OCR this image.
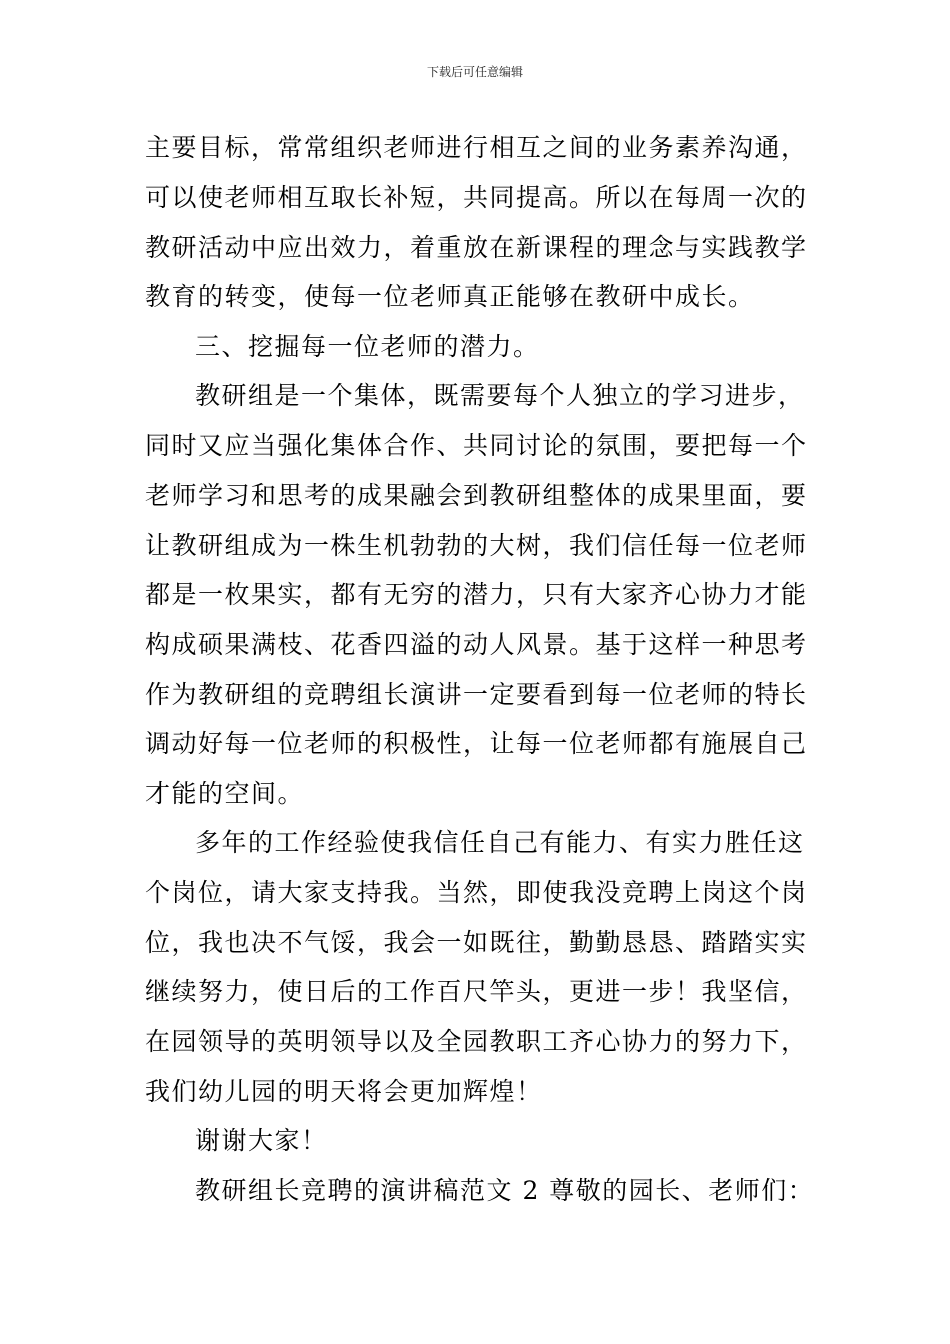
下载后可任意编辑
主要目标，常常组织老师进行相互之间的业务素养沟通，
可以使老师相互取长补短，共同提高。所以在每周一次的
教研活动中应出效力，着重放在新课程的理念与实践教学
教育的转变，使每一位老师真正能够在教研中成长。
三、挖掘每一位老师的潜力。
教研组是一个集体，既需要每个人独立的学习进步，
同时又应当强化集体合作、共同讨论的氛围，要把每一个
老师学习和思考的成果融会到教研组整体的成果里面，要
让教研组成为一株生机勃勃的大树，我们信任每一位老师
都是一枚果实，都有无穷的潜力，只有大家齐心协力才能
构成硕果满枝、花香四溢的动人风景。基于这样一种思考
作为教研组的竞聘组长演讲一定要看到每一位老师的特长
调动好每一位老师的积极性，让每一位老师都有施展自己
才能的空间。
多年的工作经验使我信任自己有能力、有实力胜任这
个岗位，请大家支持我。当然，即使我没竞聘上岗这个岗
位，我也决不气馁，我会一如既往，勤勤恳恳、踏踏实实
继续努力，使日后的工作百尺竿头，更进一步！我坚信，
在园领导的英明领导以及全园教职工齐心协力的努力下，
我们幼儿园的明天将会更加辉煌！
谢谢大家！
教研组长竞聘的演讲稿范文 2 尊敬的园长、老师们：
